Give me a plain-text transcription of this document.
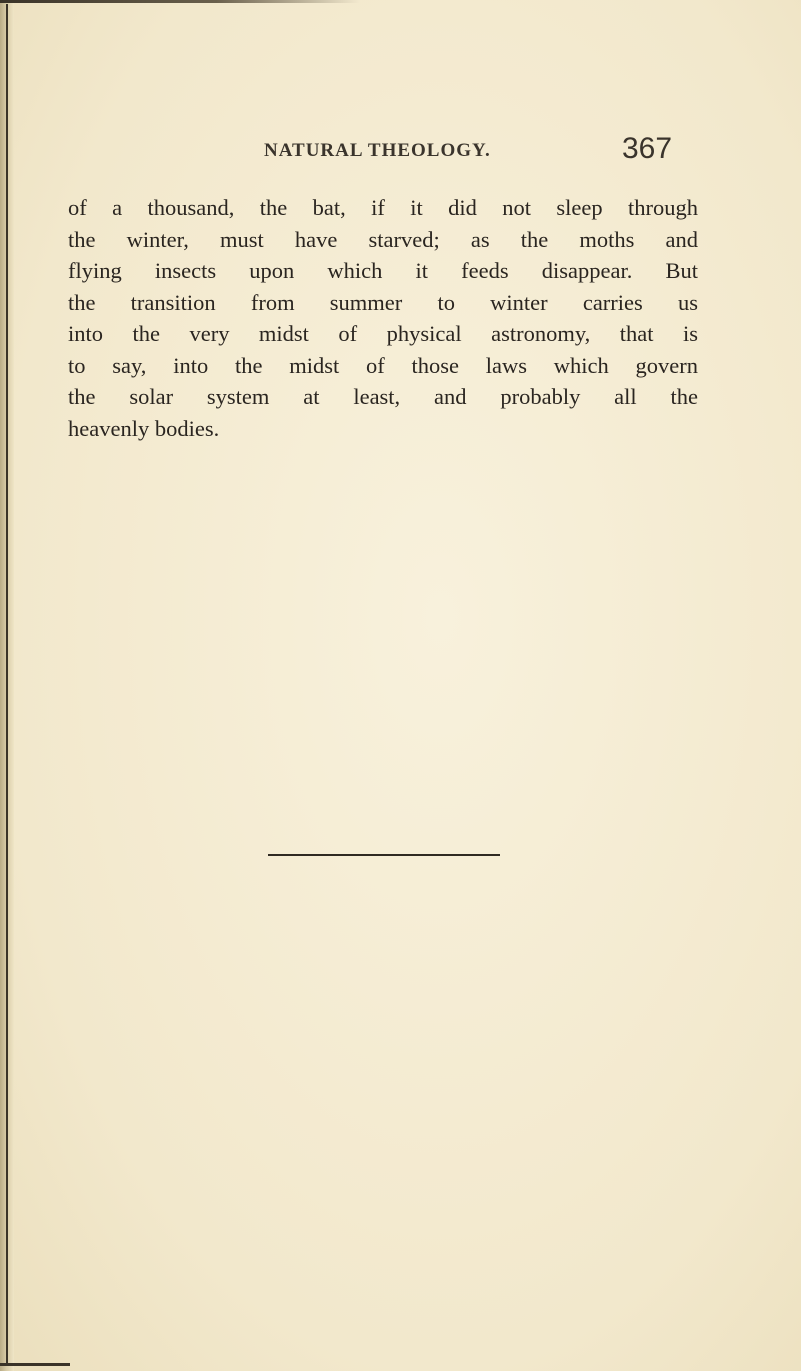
NATURAL THEOLOGY.	367

of a thousand, the bat, if it did not sleep through
the winter, must have starved; as the moths and
flying insects upon which it feeds disappear. But
the transition from summer to winter carries us
into the very midst of physical astronomy, that is
to say, into the midst of those laws which govern
the solar system at least, and probably all the
heavenly bodies.
